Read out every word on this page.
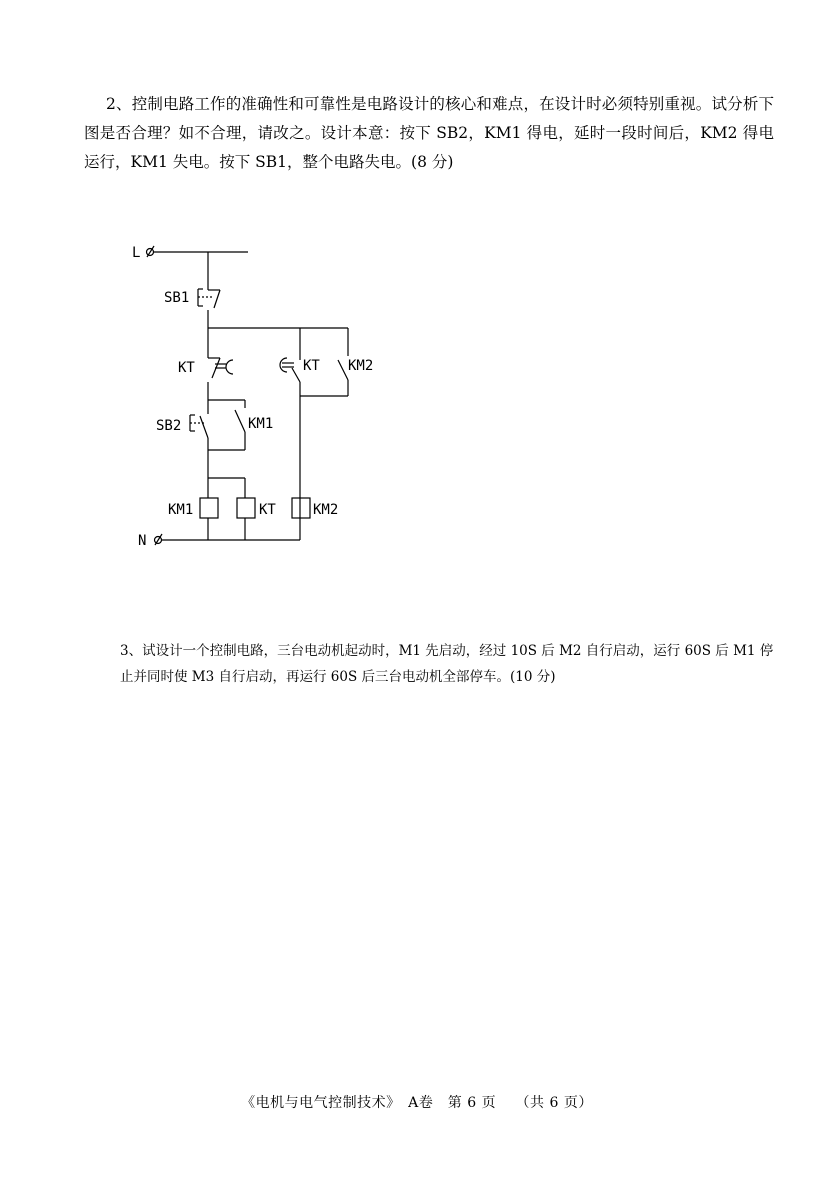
2、控制电路工作的准确性和可靠性是电路设计的核心和难点，在设计时必须特别重视。试分析下图是否合理？如不合理，请改之。设计本意：按下 SB2，KM1 得电，延时一段时间后，KM2 得电运行，KM1 失电。按下 SB1，整个电路失电。(8 分)

L
SB1
KT	KT KM2
SB2	KM1
KM1	KT	KM2
N

3、试设计一个控制电路，三台电动机起动时，M1 先启动，经过 10S 后 M2 自行启动，运行 60S 后 M1 停止并同时使 M3 自行启动，再运行 60S 后三台电动机全部停车。(10 分)

《电机与电气控制技术》　A卷　第 6 页　 （共 6 页）
